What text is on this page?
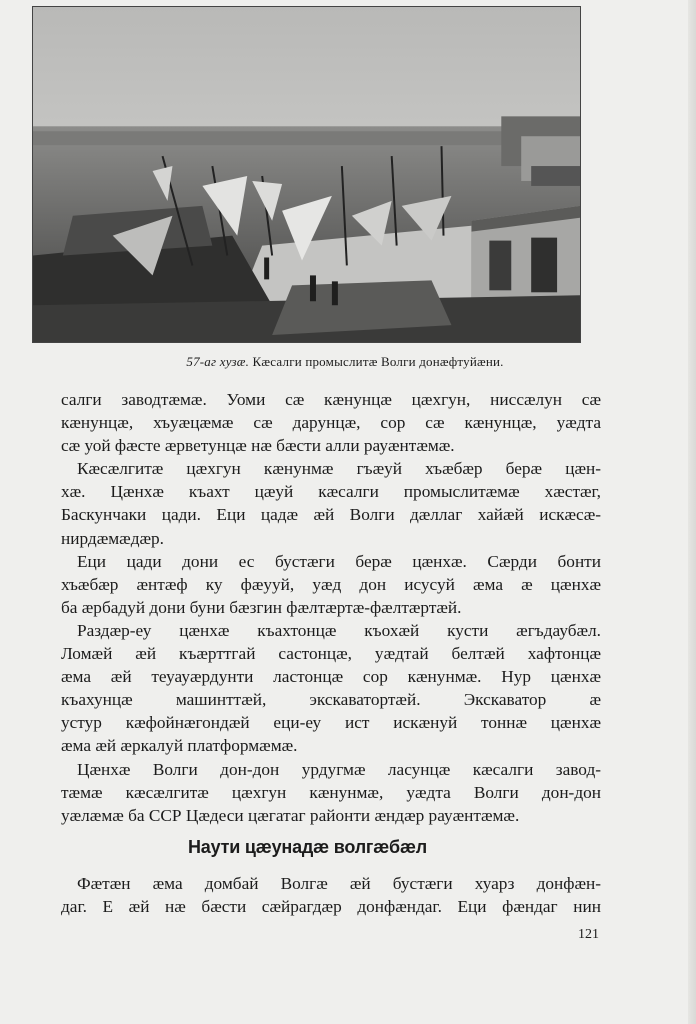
57-аг хузæ. Кæсалги промыслитæ Волги донæфтуйæни.
салги заводтæмæ. Уоми сæ кæнунцæ цæхгун, ниссæлун сæ
кæнунцæ, хъуæцæмæ сæ дарунцæ, сор сæ кæнунцæ, уæдта
сæ уой фæсте æрветунцæ нæ бæсти алли рауæнтæмæ.
Кæсæлгитæ цæхгун кæнунмæ гъæуй хъæбæр берæ цæн-
хæ. Цæнхæ къахт цæуй кæсалги промыслитæмæ хæстæг,
Баскунчаки цади. Еци цадæ æй Волги дæллаг хайæй искæсæ-
нирдæмæдæр.
Еци цади дони ес бустæги берæ цæнхæ. Сæрди бонти
хъæбæр æнтæф ку фæууй, уæд дон исусуй æма æ цæнхæ
ба æрбадуй дони буни бæзгин фæлтæртæ-фæлтæртæй.
Раздæр-еу цæнхæ къахтонцæ къохæй кусти æгъдаубæл.
Ломæй æй къæрттгай састонцæ, уæдтай белтæй хафтонцæ
æма æй теуауæрдунти ластонцæ сор кæнунмæ. Нур цæнхæ
къахунцæ машинттæй, экскаватортæй. Экскаватор æ
устур кæфойнæгондæй еци-еу ист искæнуй тоннæ цæнхæ
æма æй æркалуй платформæмæ.
Цæнхæ Волги дон-дон урдугмæ ласунцæ кæсалги завод-
тæмæ кæсæлгитæ цæхгун кæнунмæ, уæдта Волги дон-дон
уæлæмæ ба ССР Цæдеси цæгатаг районти æндæр рауæнтæмæ.
Наути цæунадæ волгæбæл
Фæтæн æма домбай Волгæ æй бустæги хуарз донфæн-
даг. Е æй нæ бæсти сæйрагдæр донфæндаг. Еци фæндаг нин
121
